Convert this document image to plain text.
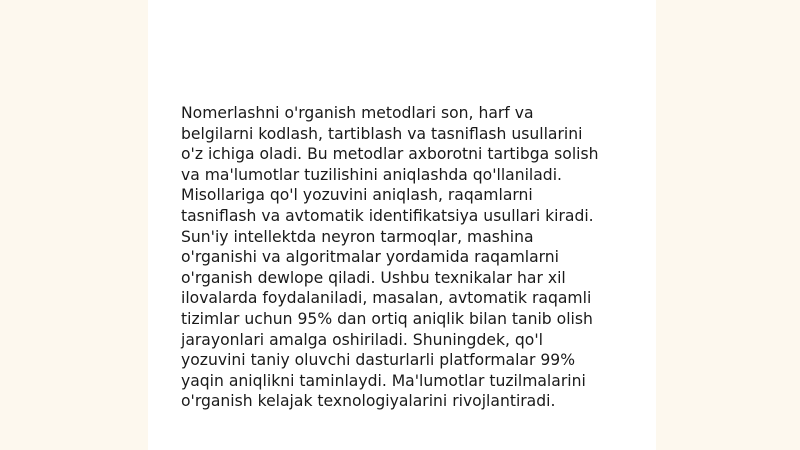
Nomerlashni o'rganish metodlari son, harf va
belgilarni kodlash, tartiblash va tasniflash usullarini
o'z ichiga oladi. Bu metodlar axborotni tartibga solish
va ma'lumotlar tuzilishini aniqlashda qo'llaniladi.
Misollariga qo'l yozuvini aniqlash, raqamlarni
tasniflash va avtomatik identifikatsiya usullari kiradi.
Sun'iy intellektda neyron tarmoqlar, mashina
o'rganishi va algoritmalar yordamida raqamlarni
o'rganish dewlope qiladi. Ushbu texnikalar har xil
ilovalarda foydalaniladi, masalan, avtomatik raqamli
tizimlar uchun 95% dan ortiq aniqlik bilan tanib olish
jarayonlari amalga oshiriladi. Shuningdek, qo'l
yozuvini taniy oluvchi dasturlarli platformalar 99%
yaqin aniqlikni taminlaydi. Ma'lumotlar tuzilmalarini
o'rganish kelajak texnologiyalarini rivojlantiradi.
